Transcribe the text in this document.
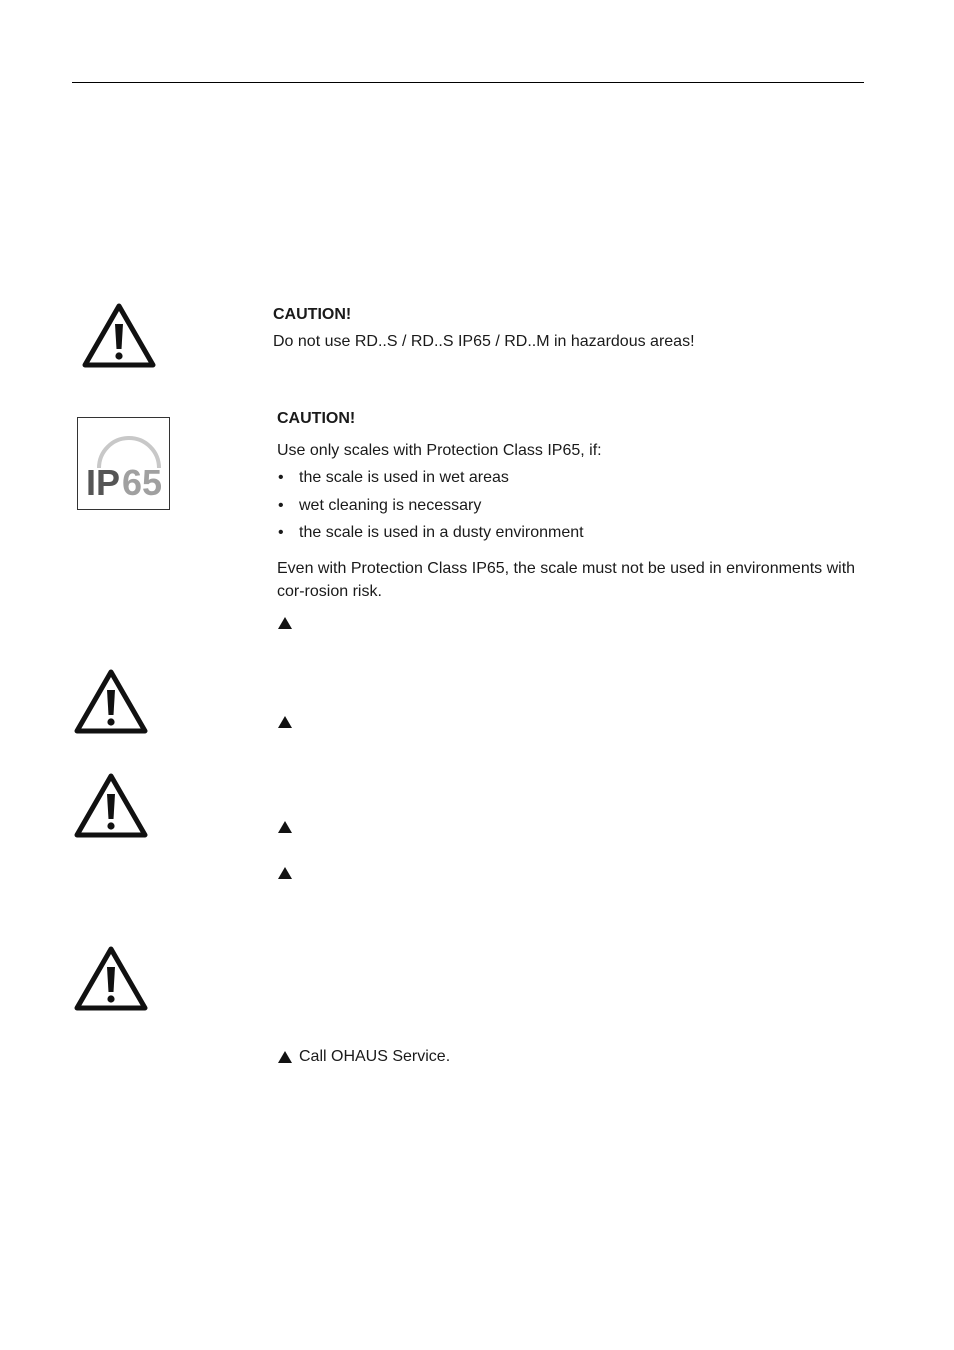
CAUTION!
Do not use RD..S / RD..S IP65 / RD..M in hazardous areas!
IP 65
CAUTION!
Use only scales with Protection Class IP65, if:
• the scale is used in wet areas
• wet cleaning is necessary
• the scale is used in a dusty environment
Even with Protection Class IP65, the scale must not be used in environments with cor-rosion risk.
Call OHAUS Service.
